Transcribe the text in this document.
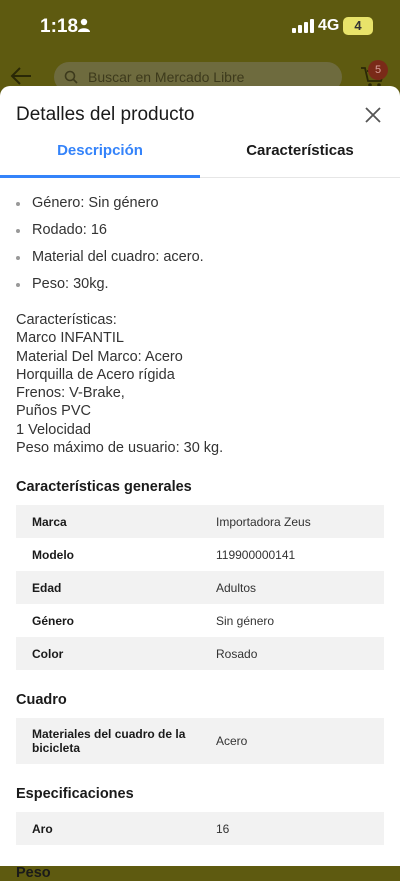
1:18	4G	4
Buscar en Mercado Libre	5
Detalles del producto
Descripción	Características
Género: Sin género
Rodado: 16
Material del cuadro: acero.
Peso: 30kg.
Características:
Marco INFANTIL
Material Del Marco: Acero
Horquilla de Acero rígida
Frenos: V-Brake,
Puños PVC
1 Velocidad
Peso máximo de usuario: 30 kg.
Características generales
Marca	Importadora Zeus
Modelo	119900000141
Edad	Adultos
Género	Sin género
Color	Rosado
Cuadro
Materiales del cuadro de la bicicleta	Acero
Especificaciones
Aro	16
Peso
